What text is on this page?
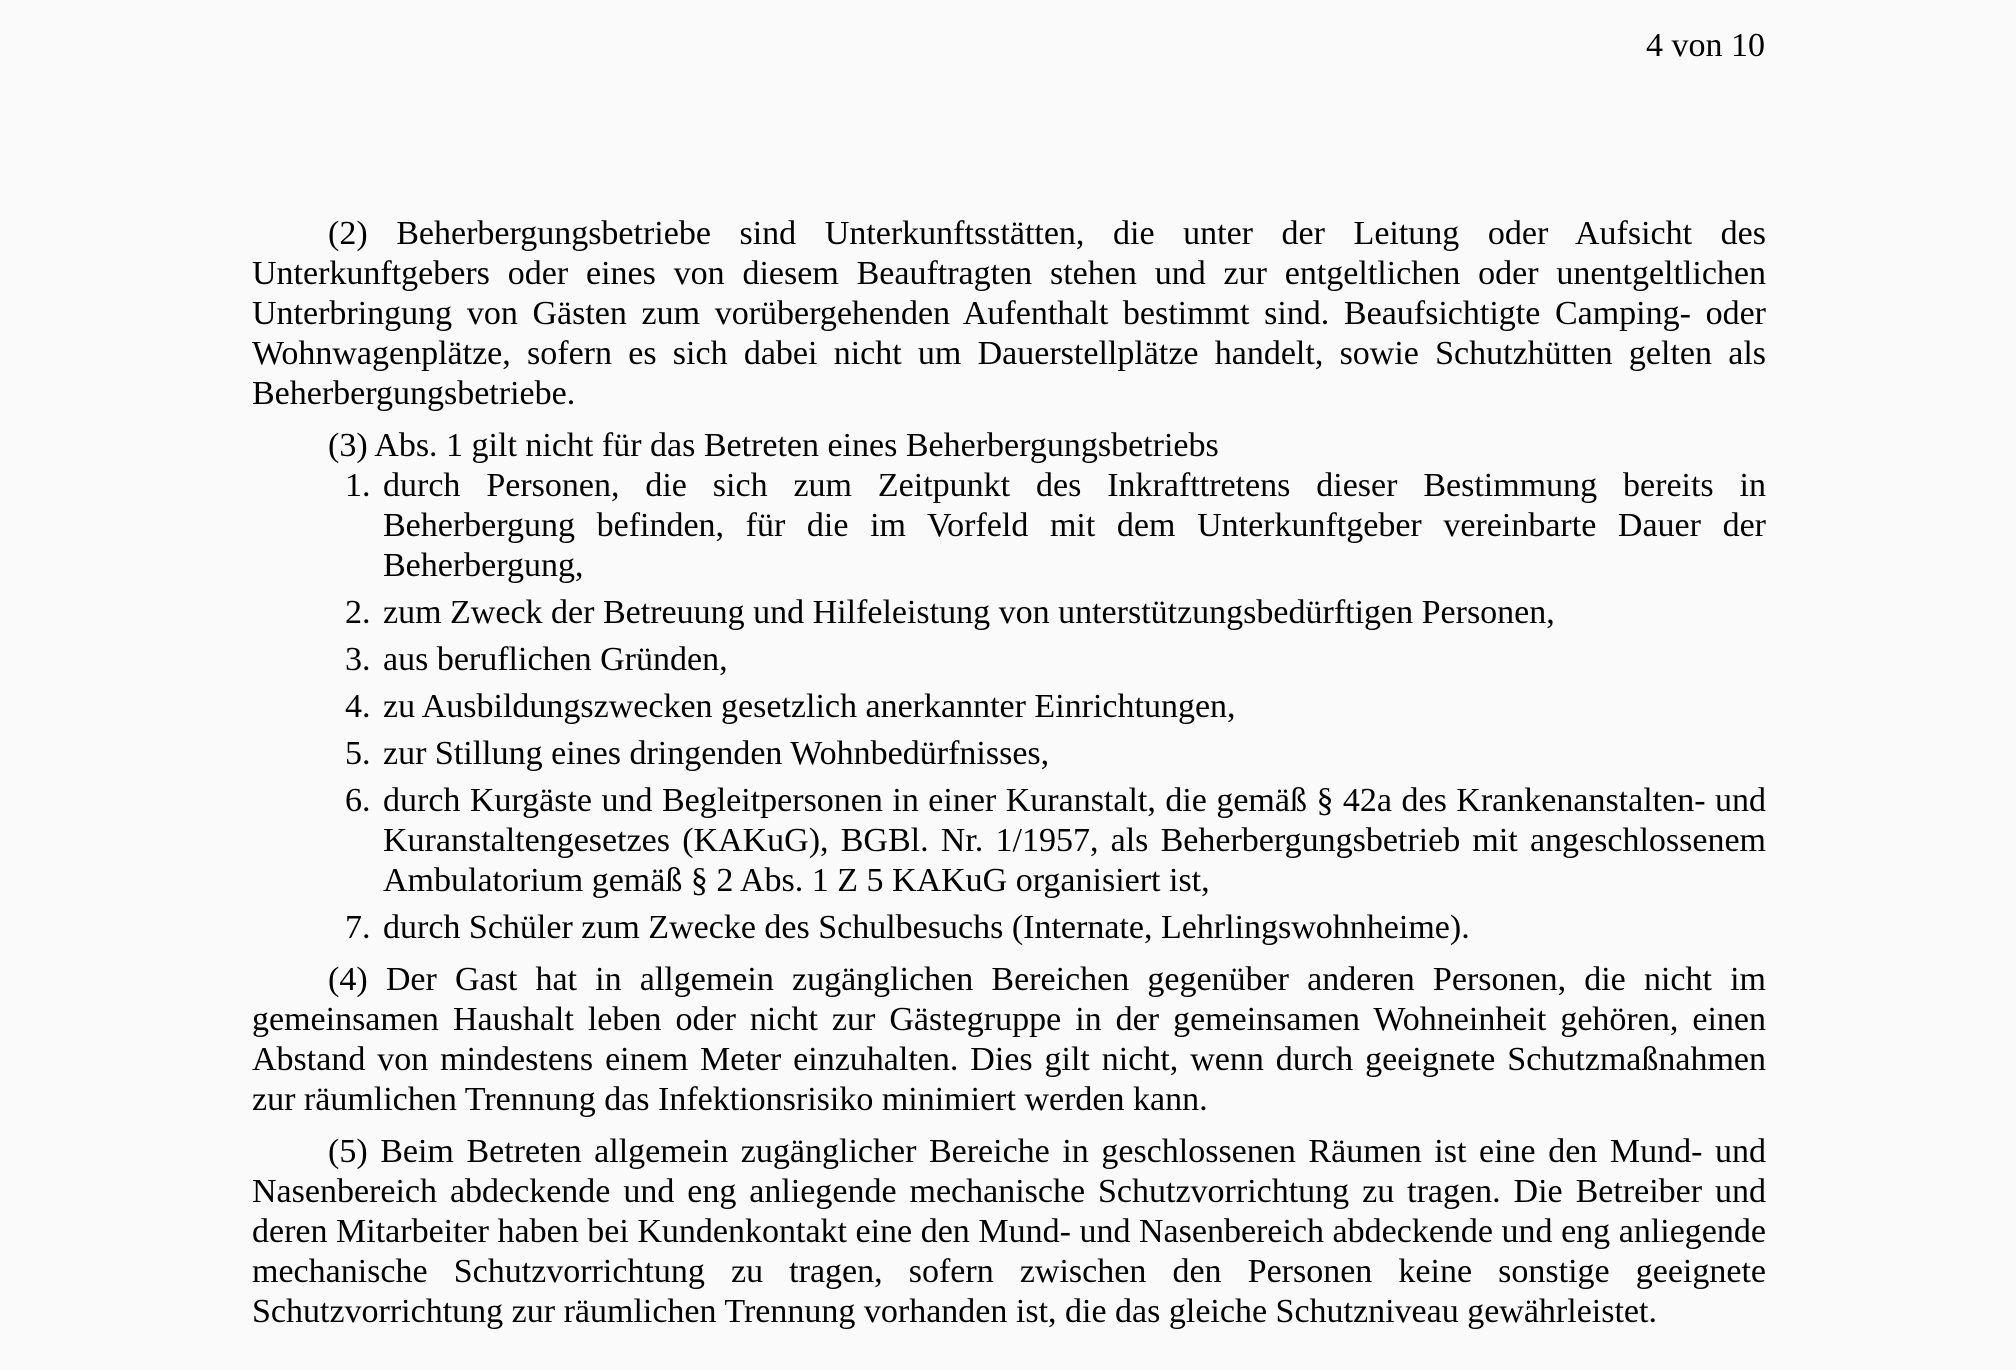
4 von 10

(2) Beherbergungsbetriebe sind Unterkunftsstätten, die unter der Leitung oder Aufsicht des Unterkunftgebers oder eines von diesem Beauftragten stehen und zur entgeltlichen oder unentgeltlichen Unterbringung von Gästen zum vorübergehenden Aufenthalt bestimmt sind. Beaufsichtigte Camping- oder Wohnwagenplätze, sofern es sich dabei nicht um Dauerstellplätze handelt, sowie Schutzhütten gelten als Beherbergungsbetriebe.

(3) Abs. 1 gilt nicht für das Betreten eines Beherbergungsbetriebs

1. durch Personen, die sich zum Zeitpunkt des Inkrafttretens dieser Bestimmung bereits in Beherbergung befinden, für die im Vorfeld mit dem Unterkunftgeber vereinbarte Dauer der Beherbergung,
2. zum Zweck der Betreuung und Hilfeleistung von unterstützungsbedürftigen Personen,
3. aus beruflichen Gründen,
4. zu Ausbildungszwecken gesetzlich anerkannter Einrichtungen,
5. zur Stillung eines dringenden Wohnbedürfnisses,
6. durch Kurgäste und Begleitpersonen in einer Kuranstalt, die gemäß § 42a des Krankenanstalten- und Kuranstaltengesetzes (KAKuG), BGBl. Nr. 1/1957, als Beherbergungsbetrieb mit angeschlossenem Ambulatorium gemäß § 2 Abs. 1 Z 5 KAKuG organisiert ist,
7. durch Schüler zum Zwecke des Schulbesuchs (Internate, Lehrlingswohnheime).

(4) Der Gast hat in allgemein zugänglichen Bereichen gegenüber anderen Personen, die nicht im gemeinsamen Haushalt leben oder nicht zur Gästegruppe in der gemeinsamen Wohneinheit gehören, einen Abstand von mindestens einem Meter einzuhalten. Dies gilt nicht, wenn durch geeignete Schutzmaßnahmen zur räumlichen Trennung das Infektionsrisiko minimiert werden kann.

(5) Beim Betreten allgemein zugänglicher Bereiche in geschlossenen Räumen ist eine den Mund- und Nasenbereich abdeckende und eng anliegende mechanische Schutzvorrichtung zu tragen. Die Betreiber und deren Mitarbeiter haben bei Kundenkontakt eine den Mund- und Nasenbereich abdeckende und eng anliegende mechanische Schutzvorrichtung zu tragen, sofern zwischen den Personen keine sonstige geeignete Schutzvorrichtung zur räumlichen Trennung vorhanden ist, die das gleiche Schutzniveau gewährleistet.
